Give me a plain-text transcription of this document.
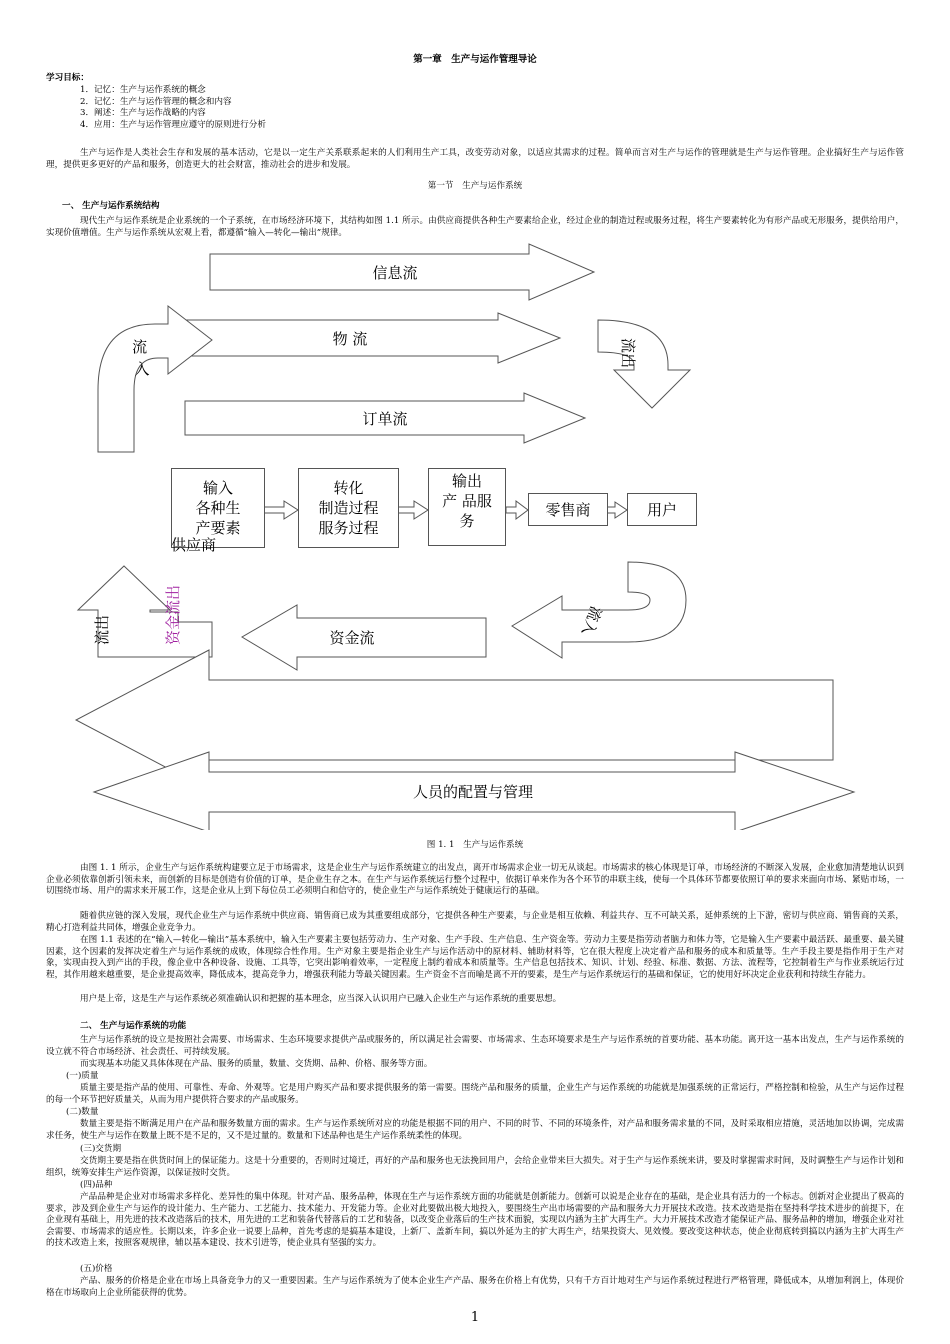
第一章　生产与运作管理导论
学习目标：
1．记忆：生产与运作系统的概念
2．记忆：生产与运作管理的概念和内容
3．阐述：生产与运作战略的内容
4．应用：生产与运作管理应遵守的原则进行分析

生产与运作是人类社会生存和发展的基本活动，它是以一定生产关系联系起来的人们利用生产工具，改变劳动对象，以适应其需求的过程。简单而言对生产与运作的管理就是生产与运作管理。企业搞好生产与运作管理，提供更多更好的产品和服务，创造更大的社会财富，推动社会的进步和发展。

第一节　生产与运作系统
一、 生产与运作系统结构

现代生产与运作系统是企业系统的一个子系统，在市场经济环境下，其结构如图 1.1 所示。由供应商提供各种生产要素给企业，经过企业的制造过程或服务过程，将生产要素转化为有形产品或无形服务，提供给用户，实现价值增值。生产与运作系统从宏观上看，都遵循“输入—转化—输出”规律。

信息流
物 流
订单流
流 入
流出
流入
资金流
流出	资金流出
人员的配置与管理
输入
各种生
产要素
供应商
转化
制造过程
服务过程
输出
产 品服
务
零售商	用户
图 1. 1　生产与运作系统

由图 1. 1 所示，企业生产与运作系统构建要立足于市场需求，这是企业生产与运作系统建立的出发点，离开市场需求企业一切无从谈起。市场需求的核心体现是订单，市场经济的不断深入发展，企业愈加清楚地认识到企业必须依靠创新引领未来，而创新的目标是创造有价值的订单，是企业生存之本。在生产与运作系统运行整个过程中，依据订单来作为各个环节的串联主线，使每一个具体环节都要依照订单的要求来面向市场、紧贴市场，一切围绕市场、用户的需求来开展工作，这是企业从上到下每位员工必须明白和信守的，使企业生产与运作系统处于健康运行的基础。

随着供应链的深入发展，现代企业生产与运作系统中供应商、销售商已成为其重要组成部分，它提供各种生产要素，与企业是相互依赖、利益共存、互不可缺关系，延伸系统的上下游，密切与供应商、销售商的关系，精心打造利益共同体，增强企业竞争力。

在图 1.1 表述的在“输入—转化—输出”基本系统中，输入生产要素主要包括劳动力、生产对象、生产手段、生产信息、生产资金等。劳动力主要是指劳动者脑力和体力等，它是输入生产要素中最活跃、最重要、最关键因素，这个因素的发挥决定着生产与运作系统的成败，体现综合性作用。生产对象主要是指企业生产与运作活动中的原材料、辅助材料等，它在很大程度上决定着产品和服务的成本和质量等。生产手段主要是指作用于生产对象，实现由投入到产出的手段，像企业中各种设备、设施、工具等，它突出影响着效率，一定程度上制约着成本和质量等。生产信息包括技术、知识、计划、经验、标准、数据、方法、流程等，它控制着生产与作业系统运行过程，其作用越来越重要，是企业提高效率，降低成本，提高竞争力，增强获利能力等最关键因素。生产资金不言而喻是离不开的要素，是生产与运作系统运行的基础和保证，它的使用好坏决定企业获利和持续生存能力。

用户是上帝，这是生产与运作系统必须准确认识和把握的基本理念，应当深入认识用户已融入企业生产与运作系统的重要思想。

二、 生产与运作系统的功能

生产与运作系统的设立是按照社会需要、市场需求、生态环境要求提供产品或服务的，所以满足社会需要、市场需求、生态环境要求是生产与运作系统的首要功能、基本功能。离开这一基本出发点，生产与运作系统的设立就不符合市场经济、社会责任、可持续发展。

而实现基本功能又具体体现在产品、服务的质量，数量、交货期、品种、价格、服务等方面。

(一)质量

质量主要是指产品的使用、可靠性、寿命、外观等。它是用户购买产品和要求提供服务的第一需要。围绕产品和服务的质量，企业生产与运作系统的功能就是加强系统的正常运行，严格控制和检验，从生产与运作过程的每一个环节把好质量关，从而为用户提供符合要求的产品或服务。

(二)数量

数量主要是指不断满足用户在产品和服务数量方面的需求。生产与运作系统所对应的功能是根据不同的用户、不同的时节、不同的环境条件，对产品和服务需求量的不同，及时采取相应措施，灵活地加以协调，完成需求任务，使生产与运作在数量上既不是不足的，又不是过量的。数量和下述品种也是生产运作系统柔性的体现。

(三)交货期

交货期主要是指在供货时间上的保证能力。这是十分重要的，否则时过境迁，再好的产品和服务也无法挽回用户，会给企业带来巨大损失。对于生产与运作系统来讲，要及时掌握需求时间，及时调整生产与运作计划和组织，统筹安排生产运作资源，以保证按时交货。

(四)品种

产品品种是企业对市场需求多样化、差异性的集中体现。针对产品、服务品种，体现在生产与运作系统方面的功能就是创新能力。创新可以说是企业存在的基础，是企业具有活力的一个标志。创新对企业提出了极高的要求，涉及到企业生产与运作的设计能力、生产能力、工艺能力、技术能力、开发能力等。企业对此要做出极大地投入，要围绕生产出市场需要的产品和服务大力开展技术改造。技术改造是指在坚持科学技术进步的前提下，在企业现有基础上，用先进的技术改造落后的技术，用先进的工艺和装备代替落后的工艺和装备，以改变企业落后的生产技术面貌，实现以内涵为主扩大再生产。大力开展技术改造才能保证产品、服务品种的增加，增强企业对社会需要、市场需求的适应性。长期以来，许多企业一说要上品种，首先考虑的是搞基本建设，上新厂、盖新车间，搞以外延为主的扩大再生产，结果投资大、见效慢。要改变这种状态，使企业彻底转到搞以内涵为主扩大再生产的技术改造上来，按照客观规律，辅以基本建设、技术引进等，使企业具有坚强的实力。

(五)价格

产品、服务的价格是企业在市场上具备竞争力的又一重要因素。生产与运作系统为了使本企业生产产品、服务在价格上有优势，只有千方百计地对生产与运作系统过程进行严格管理，降低成本，从增加利润上，体现价格在市场取向上企业所能获得的优势。

1
